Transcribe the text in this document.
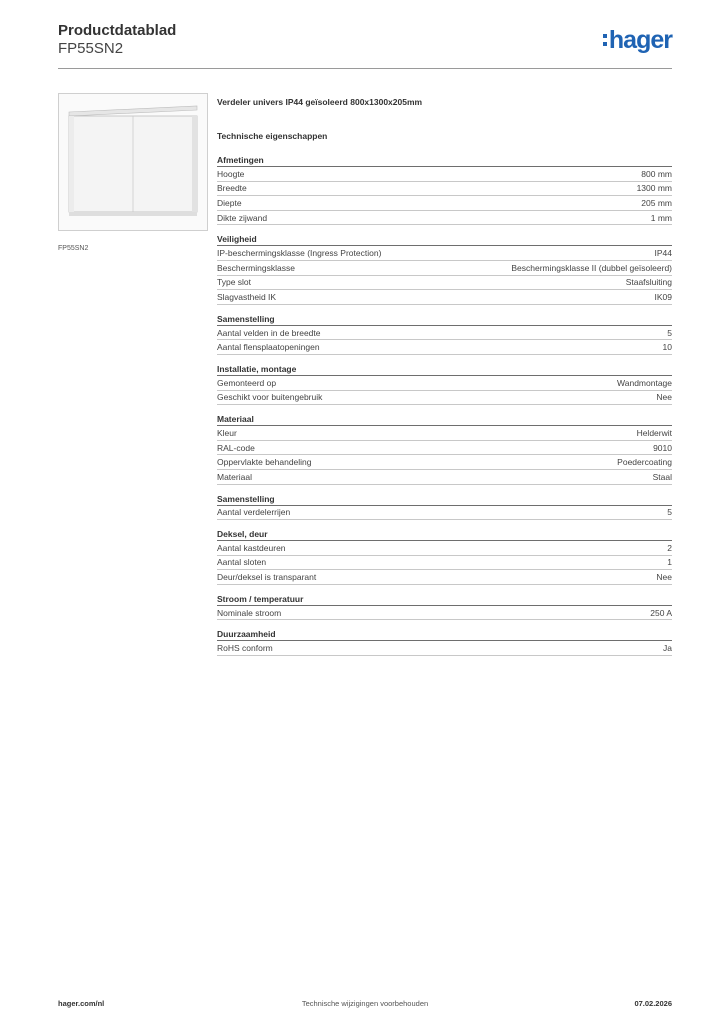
Productdatablad
FP55SN2	hager
FP55SN2
Verdeler univers IP44 geïsoleerd 800x1300x205mm
Technische eigenschappen
Afmetingen
Hoogte	800 mm
Breedte	1300 mm
Diepte	205 mm
Dikte zijwand	1 mm
Veiligheid
IP-beschermingsklasse (Ingress Protection)	IP44
Beschermingsklasse	Beschermingsklasse II (dubbel geïsoleerd)
Type slot	Staafsluiting
Slagvastheid IK	IK09
Samenstelling
Aantal velden in de breedte	5
Aantal flensplaatopeningen	10
Installatie, montage
Gemonteerd op	Wandmontage
Geschikt voor buitengebruik	Nee
Materiaal
Kleur	Helderwit
RAL-code	9010
Oppervlakte behandeling	Poedercoating
Materiaal	Staal
Samenstelling
Aantal verdelerrijen	5
Deksel, deur
Aantal kastdeuren	2
Aantal sloten	1
Deur/deksel is transparant	Nee
Stroom / temperatuur
Nominale stroom	250 A
Duurzaamheid
RoHS conform	Ja
Technische wijzigingen voorbehouden
hager.com/nl	07.02.2026
